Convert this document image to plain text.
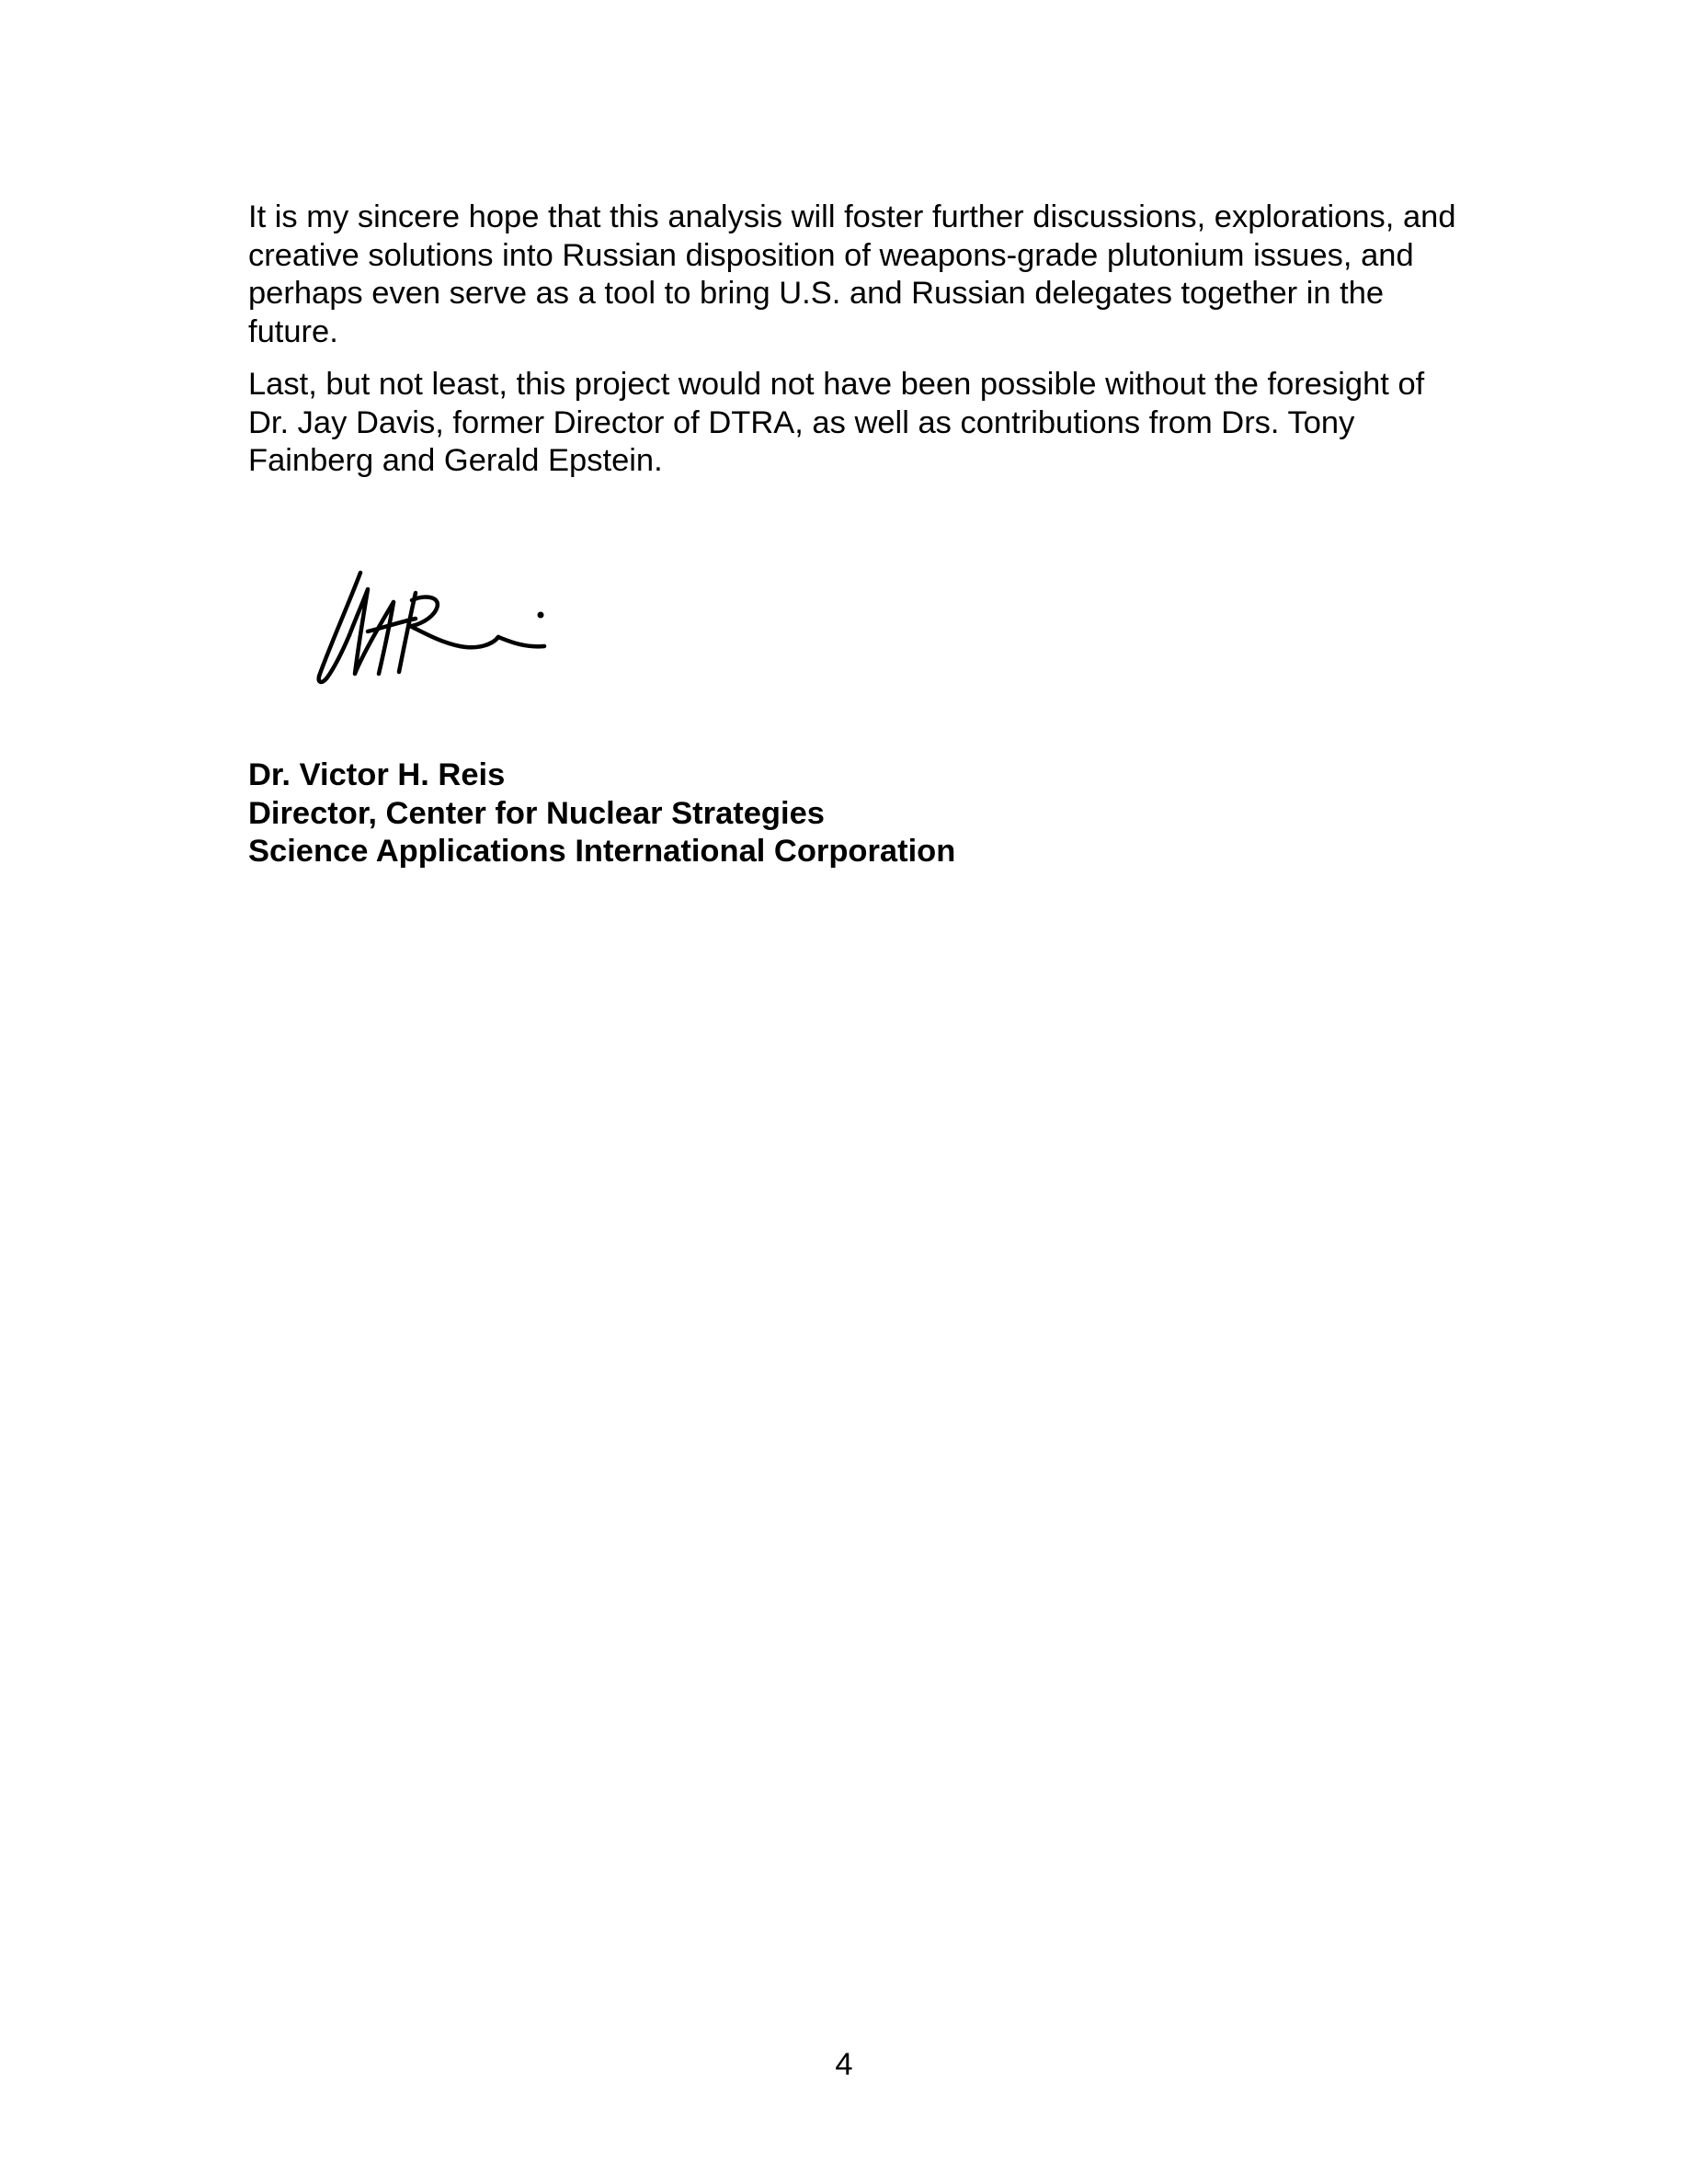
It is my sincere hope that this analysis will foster further discussions, explorations, and creative solutions into Russian disposition of weapons-grade plutonium issues, and perhaps even serve as a tool to bring U.S. and Russian delegates together in the future.

Last, but not least, this project would not have been possible without the foresight of Dr. Jay Davis, former Director of DTRA, as well as contributions from Drs. Tony Fainberg and Gerald Epstein.

Dr. Victor H. Reis
Director, Center for Nuclear Strategies
Science Applications International Corporation
4
